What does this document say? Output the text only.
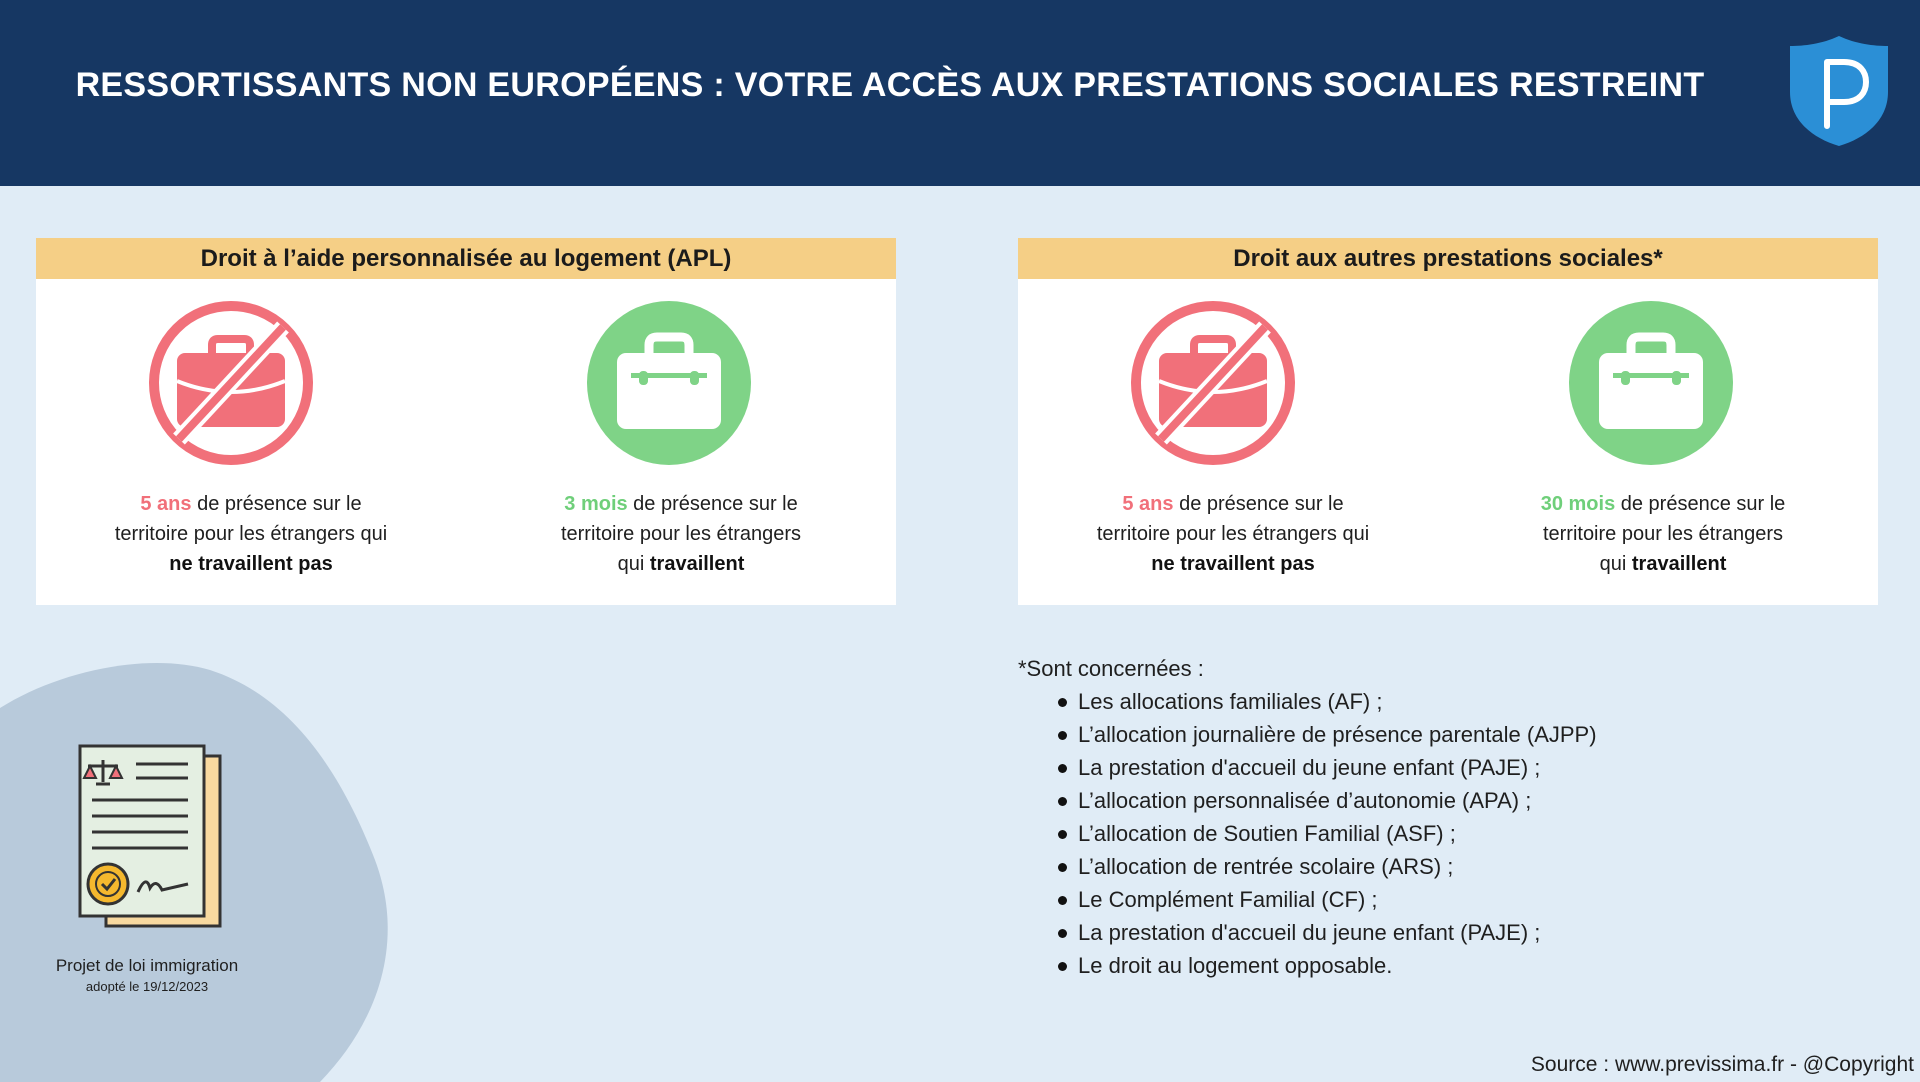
RESSORTISSANTS NON EUROPÉENS : VOTRE ACCÈS AUX PRESTATIONS SOCIALES RESTREINT
Droit à l’aide personnalisée au logement (APL)
5 ans de présence sur le
territoire pour les étrangers qui
ne travaillent pas
3 mois de présence sur le
territoire pour les étrangers
qui travaillent
Droit aux autres prestations sociales*
5 ans de présence sur le
territoire pour les étrangers qui
ne travaillent pas
30 mois de présence sur le
territoire pour les étrangers
qui travaillent
*Sont concernées :
Les allocations familiales (AF) ;
L’allocation journalière de présence parentale (AJPP)
La prestation d'accueil du jeune enfant (PAJE) ;
L’allocation personnalisée d’autonomie (APA) ;
L’allocation de Soutien Familial (ASF) ;
L’allocation de rentrée scolaire (ARS) ;
Le Complément Familial (CF) ;
La prestation d'accueil du jeune enfant (PAJE) ;
Le droit au logement opposable.
Projet de loi immigration
adopté le 19/12/2023
Source : www.previssima.fr - @Copyright
